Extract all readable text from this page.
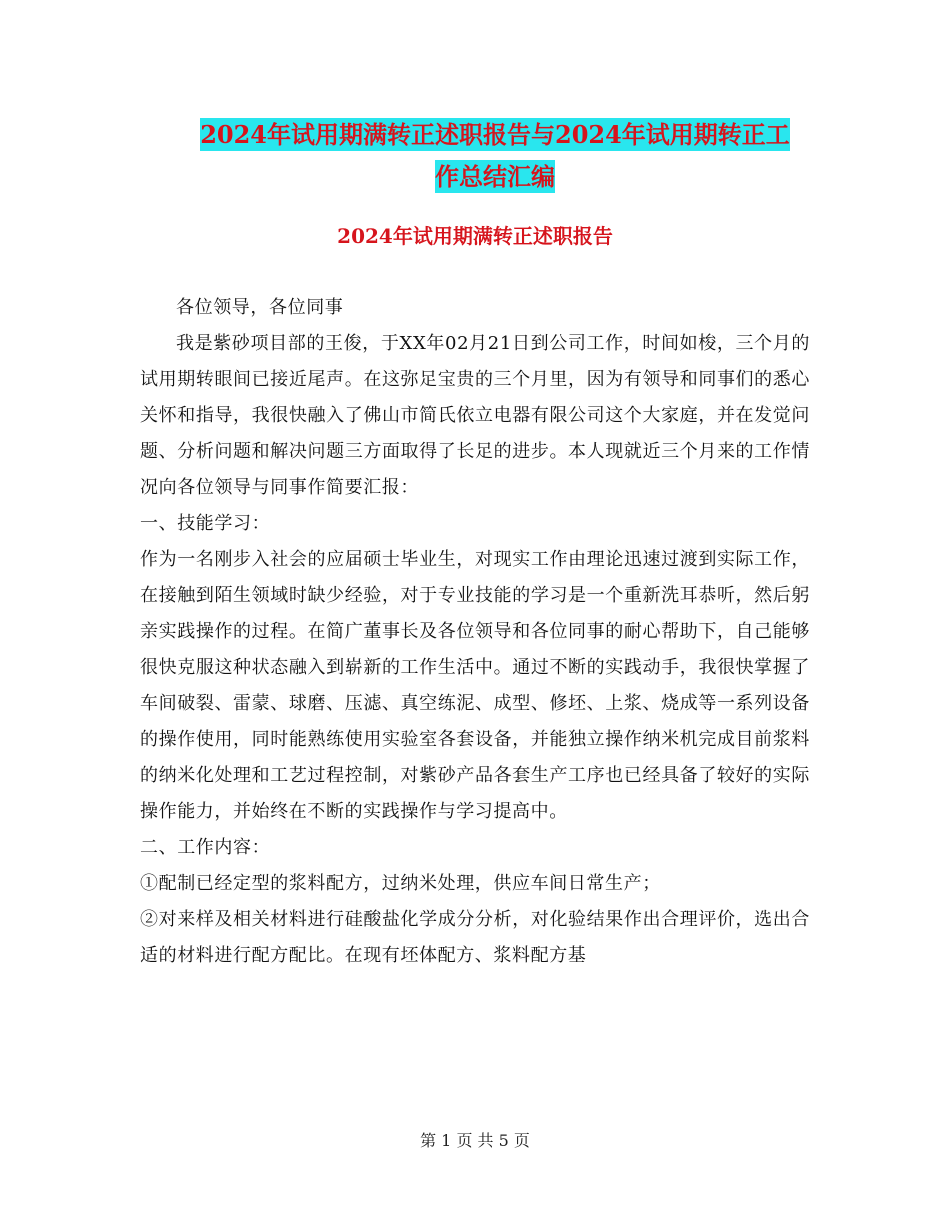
2024年试用期满转正述职报告与2024年试用期转正工
作总结汇编
2024年试用期满转正述职报告

各位领导，各位同事

我是紫砂项目部的王俊，于XX年02月21日到公司工作，时间如梭，三个月的试用期转眼间已接近尾声。在这弥足宝贵的三个月里，因为有领导和同事们的悉心关怀和指导，我很快融入了佛山市简氏依立电器有限公司这个大家庭，并在发觉问题、分析问题和解决问题三方面取得了长足的进步。本人现就近三个月来的工作情况向各位领导与同事作简要汇报：

一、技能学习：

作为一名刚步入社会的应届硕士毕业生，对现实工作由理论迅速过渡到实际工作，在接触到陌生领域时缺少经验，对于专业技能的学习是一个重新洗耳恭听，然后躬亲实践操作的过程。在简广董事长及各位领导和各位同事的耐心帮助下，自己能够很快克服这种状态融入到崭新的工作生活中。通过不断的实践动手，我很快掌握了车间破裂、雷蒙、球磨、压滤、真空练泥、成型、修坯、上浆、烧成等一系列设备的操作使用，同时能熟练使用实验室各套设备，并能独立操作纳米机完成目前浆料的纳米化处理和工艺过程控制，对紫砂产品各套生产工序也已经具备了较好的实际操作能力，并始终在不断的实践操作与学习提高中。

二、工作内容：

①配制已经定型的浆料配方，过纳米处理，供应车间日常生产；

②对来样及相关材料进行硅酸盐化学成分分析，对化验结果作出合理评价，选出合适的材料进行配方配比。在现有坯体配方、浆料配方基

第 1 页 共 5 页
